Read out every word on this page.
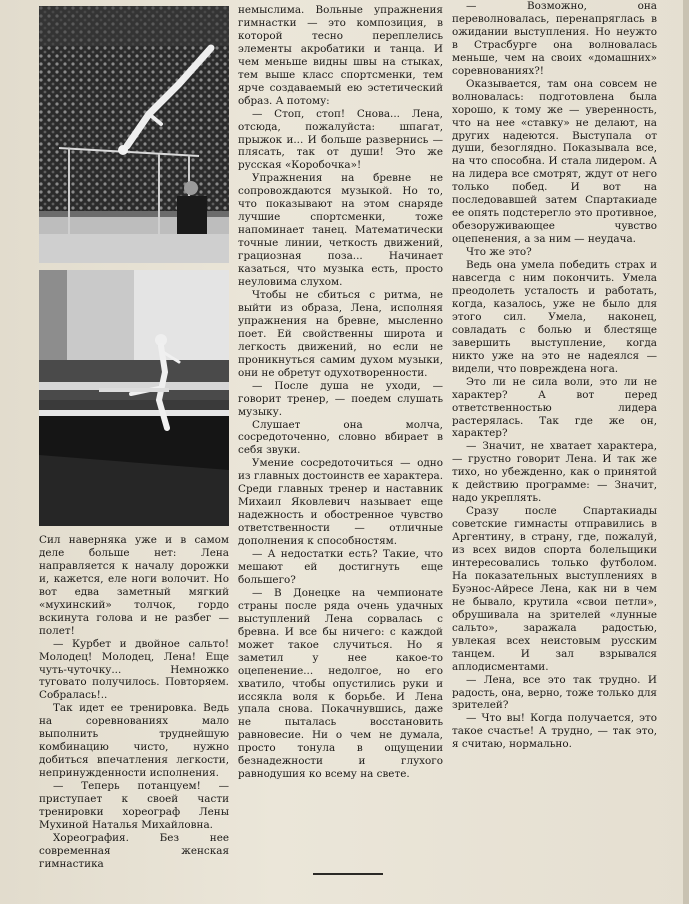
Сил наверняка уже и в самом деле больше нет: Лена направляется к началу дорожки и, кажется, еле ноги волочит. Но вот едва заметный мягкий «мухинский» толчок, гордо вскинута голова и не разбег — полет!

— Курбет и двойное сальто! Молодец! Молодец, Лена! Еще чуть-чуточку... Немножко туговато получилось. Повторяем. Собралась!..

Так идет ее тренировка. Ведь на соревнованиях мало выполнить труднейшую комбинацию чисто, нужно добиться впечатления легкости, непринужденности исполнения.

— Теперь потанцуем! — приступает к своей части тренировки хореограф Лены Мухиной Наталья Михайловна.

Хореография. Без нее современная женская гимнастика

немыслима. Вольные упражнения гимнастки — это композиция, в которой тесно переплелись элементы акробатики и танца. И чем меньше видны швы на стыках, тем выше класс спортсменки, тем ярче создаваемый ею эстетический образ. А потому:

— Стоп, стоп! Снова... Лена, отсюда, пожалуйста: шпагат, прыжок и... И больше развернись — плясать, так от души! Это же русская «Коробочка»!

Упражнения на бревне не сопровождаются музыкой. Но то, что показывают на этом снаряде лучшие спортсменки, тоже напоминает танец. Математически точные линии, четкость движений, грациозная поза... Начинает казаться, что музыка есть, просто неуловима слухом.

Чтобы не сбиться с ритма, не выйти из образа, Лена, исполняя упражнения на бревне, мысленно поет. Ей свойственны широта и легкость движений, но если не проникнуться самим духом музыки, они не обретут одухотворенности.

— После душа не уходи, — говорит тренер, — поедем слушать музыку.

Слушает она молча, сосредоточенно, словно вбирает в себя звуки.

Умение сосредоточиться — одно из главных достоинств ее характера. Среди главных тренер и наставник Михаил Яковлевич называет еще надежность и обостренное чувство ответственности — отличные дополнения к способностям.

— А недостатки есть? Такие, что мешают ей достигнуть еще большего?

— В Донецке на чемпионате страны после ряда очень удачных выступлений Лена сорвалась с бревна. И все бы ничего: с каждой может такое случиться. Но я заметил у нее какое-то оцепенение... недолгое, но его хватило, чтобы опустились руки и иссякла воля к борьбе. И Лена упала снова. Покачнувшись, даже не пыталась восстановить равновесие. Ни о чем не думала, просто тонула в ощущении безнадежности и глухого равнодушия ко всему на свете.

— Возможно, она переволновалась, перенапряглась в ожидании выступления. Но неужто в Страсбурге она волновалась меньше, чем на своих «домашних» соревнованиях?!

Оказывается, там она совсем не волновалась: подготовлена была хорошо, к тому же — уверенность, что на нее «ставку» не делают, на других надеются. Выступала от души, безоглядно. Показывала все, на что способна. И стала лидером. А на лидера все смотрят, ждут от него только побед. И вот на последовавшей затем Спартакиаде ее опять подстерегло это противное, обезоруживающее чувство оцепенения, а за ним — неудача.

Что же это?

Ведь она умела победить страх и навсегда с ним покончить. Умела преодолеть усталость и работать, когда, казалось, уже не было для этого сил. Умела, наконец, совладать с болью и блестяще завершить выступление, когда никто уже на это не надеялся — видели, что повреждена нога.

Это ли не сила воли, это ли не характер? А вот перед ответственностью лидера растерялась. Так где же он, характер?

— Значит, не хватает характера, — грустно говорит Лена. И так же тихо, но убежденно, как о принятой к действию программе: — Значит, надо укреплять.

Сразу после Спартакиады советские гимнасты отправились в Аргентину, в страну, где, пожалуй, из всех видов спорта болельщики интересовались только футболом. На показательных выступлениях в Буэнос-Айресе Лена, как ни в чем не бывало, крутила «свои петли», обрушивала на зрителей «лунные сальто», заражала радостью, увлекая всех неистовым русским танцем. И зал взрывался аплодисментами.

— Лена, все это так трудно. И радость, она, верно, тоже только для зрителей?

— Что вы! Когда получается, это такое счастье! А трудно, — так это, я считаю, нормально.
